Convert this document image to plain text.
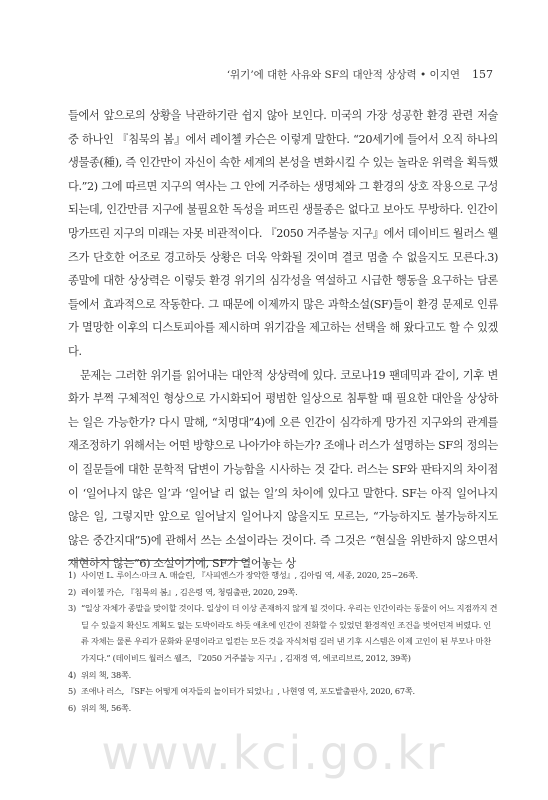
‘위기’에 대한 사유와 SF의 대안적 상상력 • 이지연 157

들에서 앞으로의 상황을 낙관하기란 쉽지 않아 보인다. 미국의 가장 성공한 환경 관련 저술 중 하나인 『침묵의 봄』에서 레이첼 카슨은 이렇게 말한다. “20세기에 들어서 오직 하나의 생물종(種), 즉 인간만이 자신이 속한 세계의 본성을 변화시킬 수 있는 놀라운 위력을 획득했다.”2) 그에 따르면 지구의 역사는 그 안에 거주하는 생명체와 그 환경의 상호 작용으로 구성되는데, 인간만큼 지구에 불필요한 독성을 퍼뜨린 생물종은 없다고 보아도 무방하다. 인간이 망가뜨린 지구의 미래는 자못 비관적이다. 『2050 거주불능 지구』에서 데이비드 월러스 웰즈가 단호한 어조로 경고하듯 상황은 더욱 악화될 것이며 결코 멈출 수 없을지도 모른다.3) 종말에 대한 상상력은 이렇듯 환경 위기의 심각성을 역설하고 시급한 행동을 요구하는 담론들에서 효과적으로 작동한다. 그 때문에 이제까지 많은 과학소설(SF)들이 환경 문제로 인류가 멸망한 이후의 디스토피아를 제시하며 위기감을 제고하는 선택을 해 왔다고도 할 수 있겠다.

문제는 그러한 위기를 읽어내는 대안적 상상력에 있다. 코로나19 팬데믹과 같이, 기후 변화가 부쩍 구체적인 형상으로 가시화되어 평범한 일상으로 침투할 때 필요한 대안을 상상하는 일은 가능한가? 다시 말해, “치명대”4)에 오른 인간이 심각하게 망가진 지구와의 관계를 재조정하기 위해서는 어떤 방향으로 나아가야 하는가? 조애나 러스가 설명하는 SF의 정의는 이 질문들에 대한 문학적 답변이 가능함을 시사하는 것 같다. 러스는 SF와 판타지의 차이점이 ‘일어나지 않은 일’과 ‘일어날 리 없는 일’의 차이에 있다고 말한다. SF는 아직 일어나지 않은 일, 그렇지만 앞으로 일어날지 일어나지 않을지도 모르는, “가능하지도 불가능하지도 않은 중간지대”5)에 관해서 쓰는 소설이라는 것이다. 즉 그것은 “현실을 위반하지 않으면서 재현하지 않는”6) 소설이기에, SF가 열어놓는 상

1) 사이먼 L. 루이스·마크 A. 매슬린, 『사피엔스가 장악한 행성』, 김아림 역, 세종, 2020, 25~26쪽.
2) 레이첼 카슨, 『침묵의 봄』, 김은령 역, 청림출판, 2020, 29쪽.
3) “일상 자체가 종말을 맞이할 것이다. 일상이 더 이상 존재하지 않게 될 것이다. 우리는 인간이라는 동물이 어느 지점까지 견딜 수 있을지 확신도 계획도 없는 도박이라도 하듯 애초에 인간이 진화할 수 있었던 환경적인 조건을 벗어던져 버렸다. 인류 자체는 물론 우리가 문화와 문명이라고 일컫는 모든 것을 자식처럼 길러 낸 기후 시스템은 이제 고인이 된 부모나 마찬가지다.” (데이비드 월러스 웰즈, 『2050 거주불능 지구』, 김재경 역, 에코리브르, 2012, 39쪽)
4) 위의 책, 38쪽.
5) 조애나 러스, 『SF는 어떻게 여자들의 놀이터가 되었나』, 나현영 역, 포도밭출판사, 2020, 67쪽.
6) 위의 책, 56쪽.
www.kci.go.kr
